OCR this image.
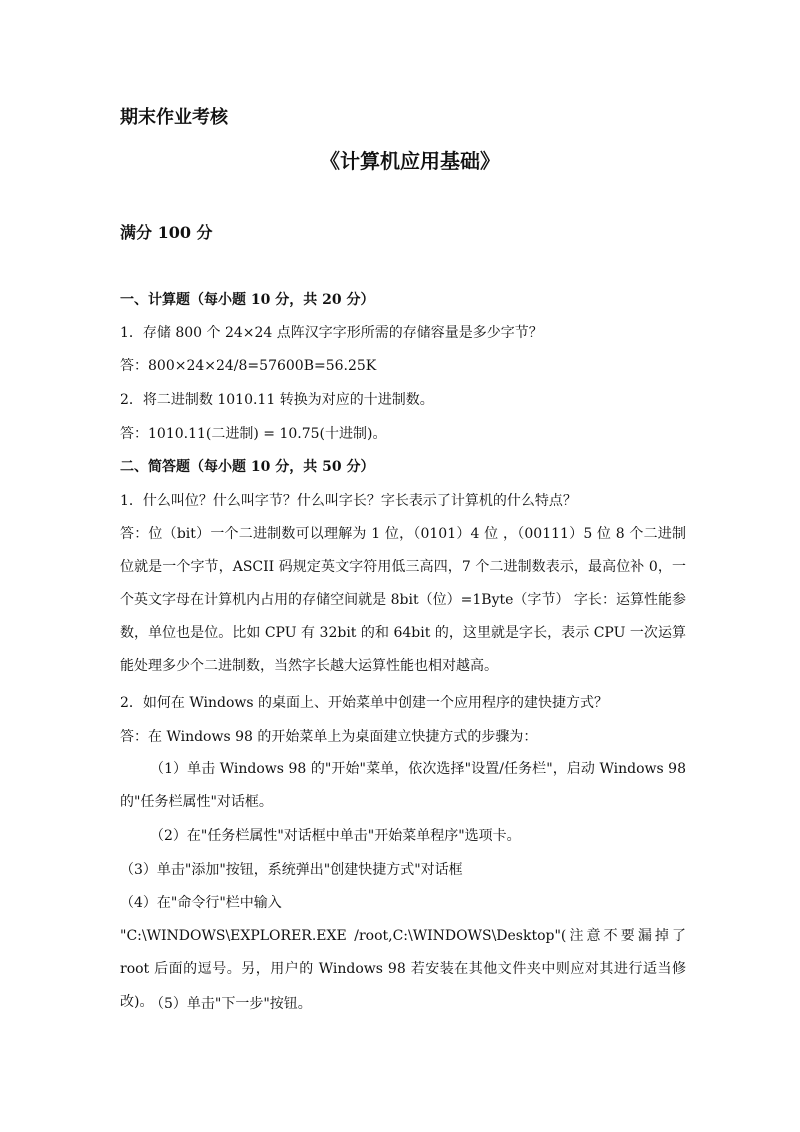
期末作业考核
《计算机应用基础》
满分 100 分
一、计算题（每小题 10 分，共 20 分）
1．存储 800 个 24×24 点阵汉字字形所需的存储容量是多少字节？
答：800×24×24/8=57600B=56.25K
2．将二进制数 1010.11 转换为对应的十进制数。
答：1010.11(二进制) = 10.75(十进制)。
二、简答题（每小题 10 分，共 50 分）
1．什么叫位？什么叫字节？什么叫字长？字长表示了计算机的什么特点？
答：位（bit）一个二进制数可以理解为 1 位，（0101）4 位 ，（00111）5 位 8 个二进制位就是一个字节，ASCII 码规定英文字符用低三高四，7 个二进制数表示，最高位补 0，一个英文字母在计算机内占用的存储空间就是 8bit（位）=1Byte（字节） 字长：运算性能参数，单位也是位。比如 CPU 有 32bit 的和 64bit 的，这里就是字长，表示 CPU 一次运算能处理多少个二进制数，当然字长越大运算性能也相对越高。
2．如何在 Windows 的桌面上、开始菜单中创建一个应用程序的建快捷方式？
答：在 Windows 98 的开始菜单上为桌面建立快捷方式的步骤为：
（1）单击 Windows 98 的"开始"菜单，依次选择"设置/任务栏"，启动 Windows 98 的"任务栏属性"对话框。
（2）在"任务栏属性"对话框中单击"开始菜单程序"选项卡。
（3）单击"添加"按钮，系统弹出"创建快捷方式"对话框
（4）在"命令行"栏中输入
"C:\WINDOWS\EXPLORER.EXE /root,C:\WINDOWS\Desktop"(注意不要漏掉了 root 后面的逗号。另，用户的 Windows 98 若安装在其他文件夹中则应对其进行适当修改)。
（5）单击"下一步"按钮。
